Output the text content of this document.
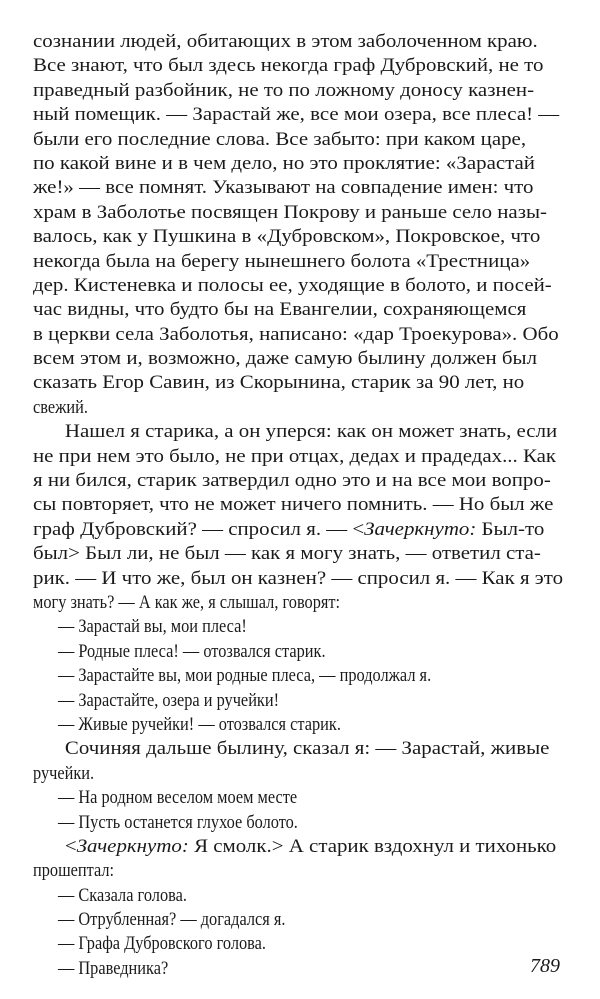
сознании людей, обитающих в этом заболоченном краю.
Все знают, что был здесь некогда граф Дубровский, не то
праведный разбойник, не то по ложному доносу казнен-
ный помещик. — Зарастай же, все мои озера, все плеса! —
были его последние слова. Все забыто: при каком царе,
по какой вине и в чем дело, но это проклятие: «Зарастай
же!» — все помнят. Указывают на совпадение имен: что
храм в Заболотье посвящен Покрову и раньше село назы-
валось, как у Пушкина в «Дубровском», Покровское, что
некогда была на берегу нынешнего болота «Трестница»
дер. Кистеневка и полосы ее, уходящие в болото, и посей-
час видны, что будто бы на Евангелии, сохраняющемся
в церкви села Заболотья, написано: «дар Троекурова». Обо
всем этом и, возможно, даже самую былину должен был
сказать Егор Савин, из Скорынина, старик за 90 лет, но
свежий.
Нашел я старика, а он уперся: как он может знать, если
не при нем это было, не при отцах, дедах и прадедах... Как
я ни бился, старик затвердил одно это и на все мои вопро-
сы повторяет, что не может ничего помнить. — Но был же
граф Дубровский? — спросил я. — <Зачеркнуто: Был-то
был> Был ли, не был — как я могу знать, — ответил ста-
рик. — И что же, был он казнен? — спросил я. — Как я это
могу знать? — А как же, я слышал, говорят:
— Зарастай вы, мои плеса!
— Родные плеса! — отозвался старик.
— Зарастайте вы, мои родные плеса, — продолжал я.
— Зарастайте, озера и ручейки!
— Живые ручейки! — отозвался старик.
Сочиняя дальше былину, сказал я: — Зарастай, живые
ручейки.
— На родном веселом моем месте
— Пусть останется глухое болото.
<Зачеркнуто: Я смолк.> А старик вздохнул и тихонько
прошептал:
— Сказала голова.
— Отрубленная? — догадался я.
— Графа Дубровского голова.
— Праведника?	789
